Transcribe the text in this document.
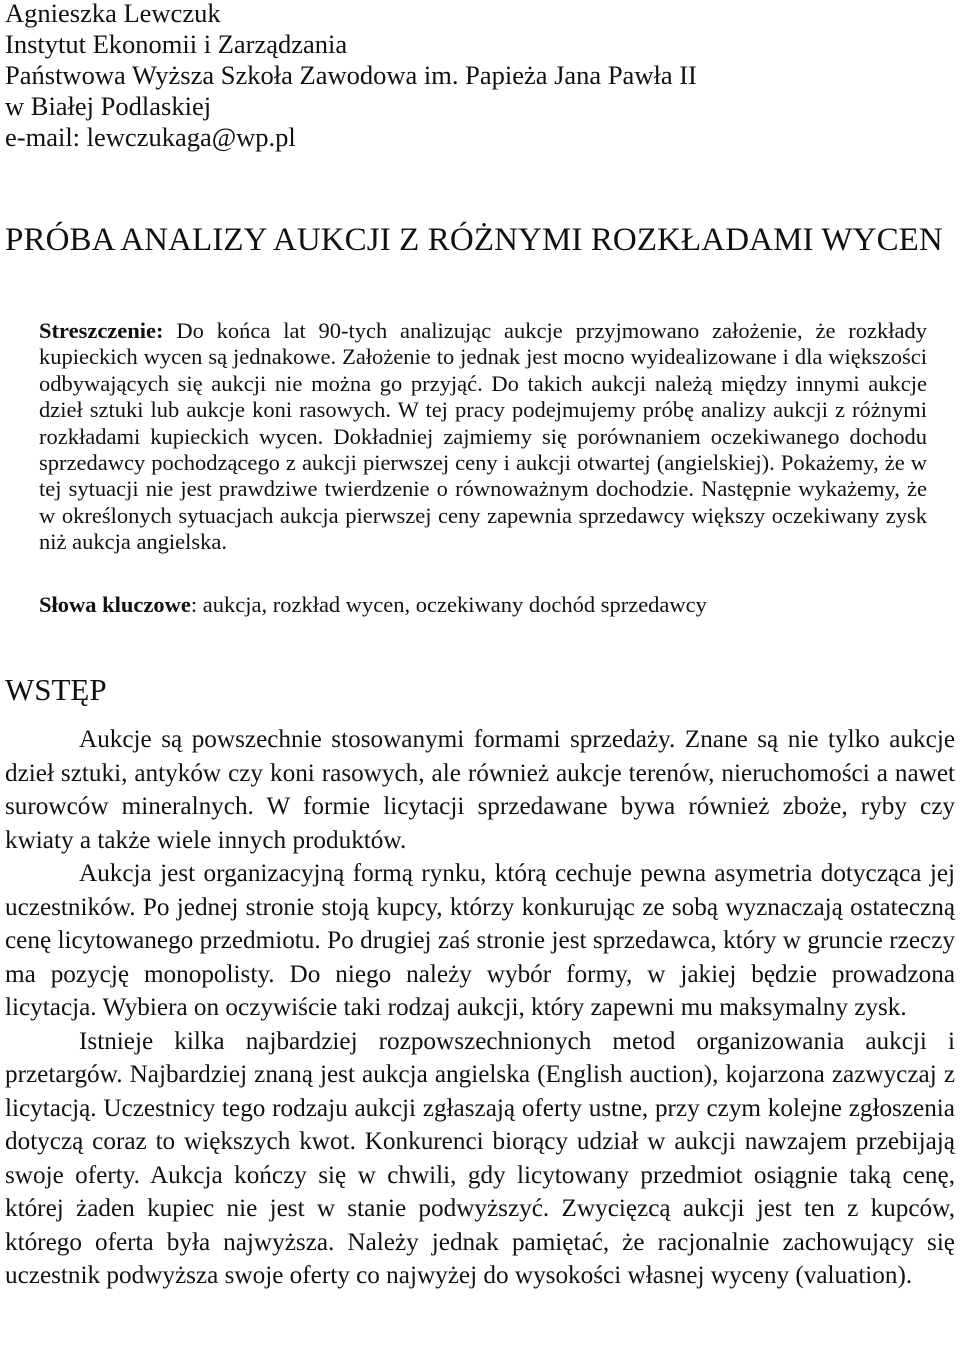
Agnieszka Lewczuk
Instytut Ekonomii i Zarządzania
Państwowa Wyższa Szkoła Zawodowa im. Papieża Jana Pawła II
w Białej Podlaskiej
e-mail: lewczukaga@wp.pl
PRÓBA ANALIZY AUKCJI Z RÓŻNYMI ROZKŁADAMI WYCEN
Streszczenie: Do końca lat 90-tych analizując aukcje przyjmowano założenie, że rozkłady kupieckich wycen są jednakowe. Założenie to jednak jest mocno wyidealizowane i dla większości odbywających się aukcji nie można go przyjąć. Do takich aukcji należą między innymi aukcje dzieł sztuki lub aukcje koni rasowych. W tej pracy podejmujemy próbę analizy aukcji z różnymi rozkładami kupieckich wycen. Dokładniej zajmiemy się porównaniem oczekiwanego dochodu sprzedawcy pochodzącego z aukcji pierwszej ceny i aukcji otwartej (angielskiej). Pokażemy, że w tej sytuacji nie jest prawdziwe twierdzenie o równoważnym dochodzie. Następnie wykażemy, że w określonych sytuacjach aukcja pierwszej ceny zapewnia sprzedawcy większy oczekiwany zysk niż aukcja angielska.
Słowa kluczowe: aukcja, rozkład wycen, oczekiwany dochód sprzedawcy
WSTĘP

Aukcje są powszechnie stosowanymi formami sprzedaży. Znane są nie tylko aukcje dzieł sztuki, antyków czy koni rasowych, ale również aukcje terenów, nieruchomości a nawet surowców mineralnych. W formie licytacji sprzedawane bywa również zboże, ryby czy kwiaty a także wiele innych produktów.

Aukcja jest organizacyjną formą rynku, którą cechuje pewna asymetria dotycząca jej uczestników. Po jednej stronie stoją kupcy, którzy konkurując ze sobą wyznaczają ostateczną cenę licytowanego przedmiotu. Po drugiej zaś stronie jest sprzedawca, który w gruncie rzeczy ma pozycję monopolisty. Do niego należy wybór formy, w jakiej będzie prowadzona licytacja. Wybiera on oczywiście taki rodzaj aukcji, który zapewni mu maksymalny zysk.

Istnieje kilka najbardziej rozpowszechnionych metod organizowania aukcji i przetargów. Najbardziej znaną jest aukcja angielska (English auction), kojarzona zazwyczaj z licytacją. Uczestnicy tego rodzaju aukcji zgłaszają oferty ustne, przy czym kolejne zgłoszenia dotyczą coraz to większych kwot. Konkurenci biorący udział w aukcji nawzajem przebijają swoje oferty. Aukcja kończy się w chwili, gdy licytowany przedmiot osiągnie taką cenę, której żaden kupiec nie jest w stanie podwyższyć. Zwycięzcą aukcji jest ten z kupców, którego oferta była najwyższa. Należy jednak pamiętać, że racjonalnie zachowujący się uczestnik podwyższa swoje oferty co najwyżej do wysokości własnej wyceny (valuation).
